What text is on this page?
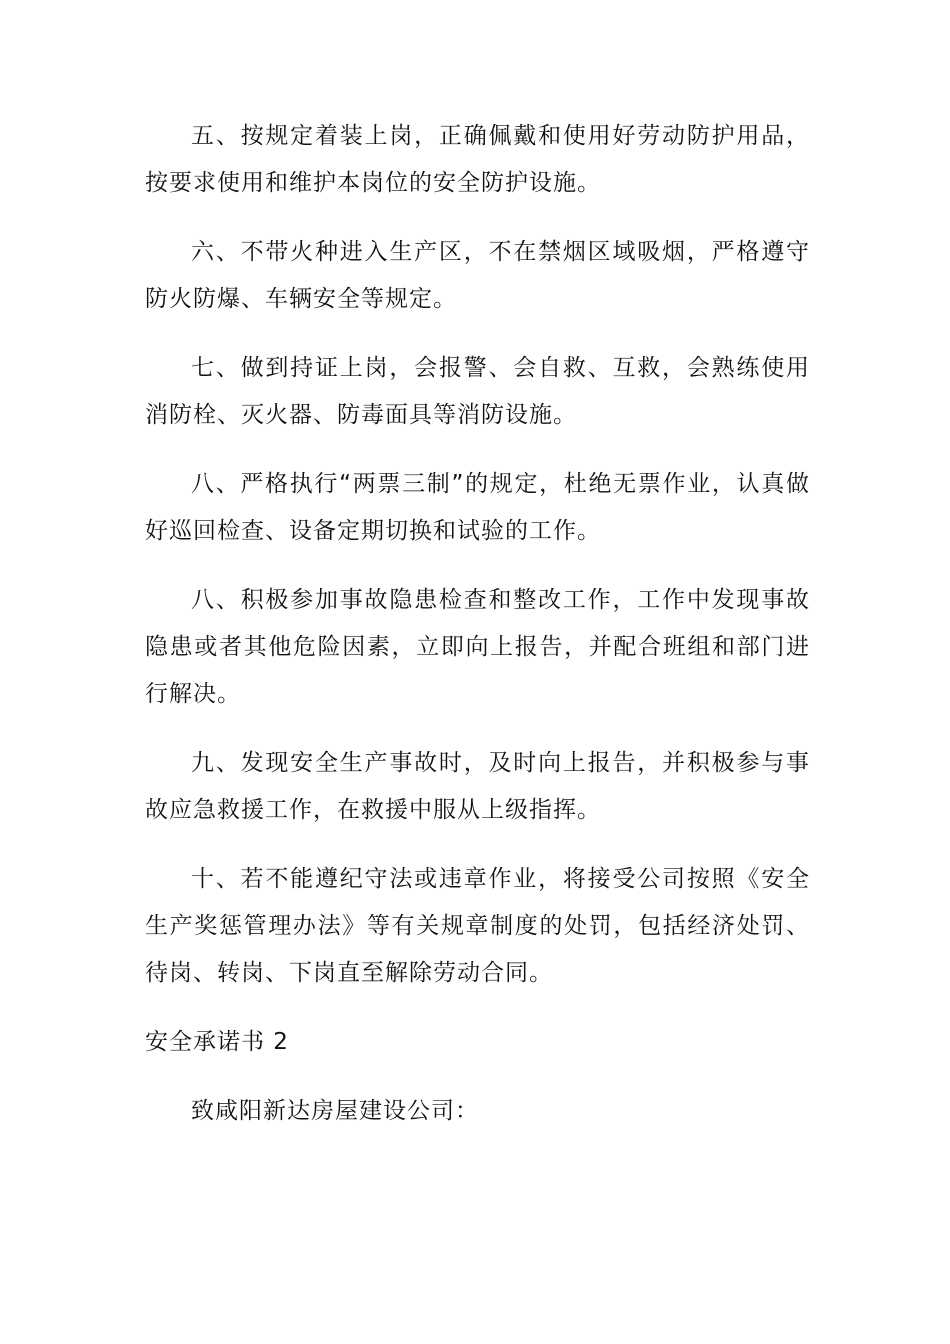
五、按规定着装上岗，正确佩戴和使用好劳动防护用品，按要求使用和维护本岗位的安全防护设施。

六、不带火种进入生产区，不在禁烟区域吸烟，严格遵守防火防爆、车辆安全等规定。

七、做到持证上岗，会报警、会自救、互救，会熟练使用消防栓、灭火器、防毒面具等消防设施。

八、严格执行“两票三制”的规定，杜绝无票作业，认真做好巡回检查、设备定期切换和试验的工作。

八、积极参加事故隐患检查和整改工作，工作中发现事故隐患或者其他危险因素，立即向上报告，并配合班组和部门进行解决。

九、发现安全生产事故时，及时向上报告，并积极参与事故应急救援工作，在救援中服从上级指挥。

十、若不能遵纪守法或违章作业，将接受公司按照《安全生产奖惩管理办法》等有关规章制度的处罚，包括经济处罚、待岗、转岗、下岗直至解除劳动合同。

安全承诺书 2

致咸阳新达房屋建设公司：
